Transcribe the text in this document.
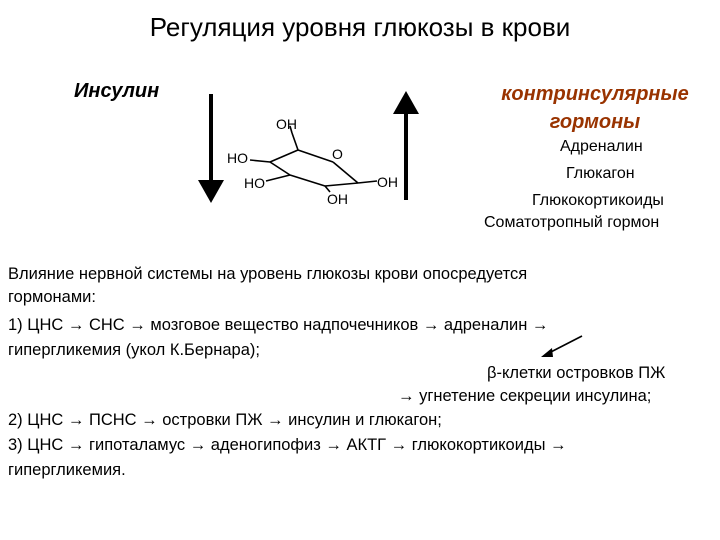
Регуляция уровня глюкозы в крови
Инсулин	контринсулярные
гормоны
Адреналин
Глюкагон
Глюкокортикоиды
Соматотропный гормон
OH
O
HO
HO	OH
OH
Влияние нервной системы на уровень глюкозы крови опосредуется
гормонами:
1) ЦНС → СНС → мозговое вещество надпочечников → адреналин →
гипергликемия (укол К.Бернара);
β-клетки островков ПЖ
→ угнетение секреции инсулина;
2) ЦНС → ПСНС → островки ПЖ → инсулин и глюкагон;
3) ЦНС → гипоталамус → аденогипофиз → АКТГ → глюкокортикоиды →
гипергликемия.
